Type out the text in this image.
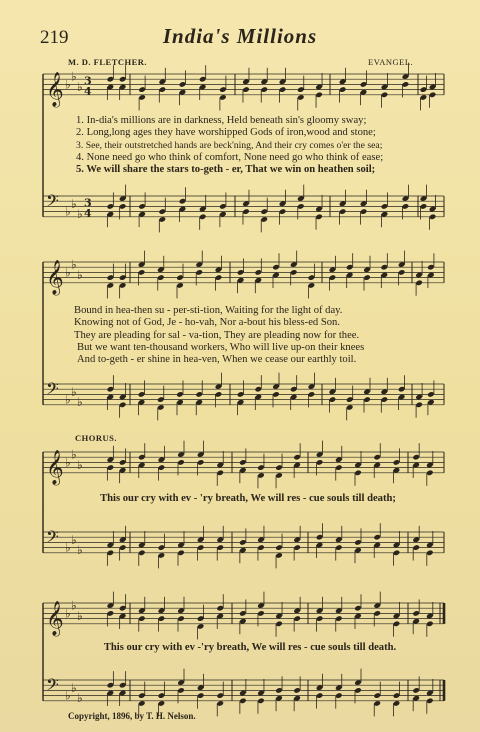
𝄞 ♭
♭
♭ 3
4
𝄢 ♭
♭
♭
3
4
𝄞 ♭
♭
♭
𝄢 ♭
♭
♭
𝄞 ♭
♭
♭
𝄢 ♭
♭
♭
𝄞 ♭
♭
♭
𝄢 ♭
♭
♭
219	India's Millions
M. D. FLETCHER.	EVANGEL.
1. In-dia's millions are in darkness, Held beneath sin's gloomy sway;
2. Long,long ages they have worshipped Gods of iron,wood and stone;
3. See, their outstretched hands are beck'ning, And their cry comes o'er the sea;
4. None need go who think of comfort, None need go who think of ease;
5. We will share the stars to-geth - er, That we win on heathen soil;
Bound in hea-then su - per-sti-tion, Waiting for the light of day.
Knowing not of God, Je - ho-vah, Nor a-bout his bless-ed Son.
They are pleading for sal - va-tion, They are pleading now for thee.
But we want ten-thousand workers, Who will live up-on their knees
And to-geth - er shine in hea-ven, When we cease our earthly toil.
CHORUS.
This our cry with ev - 'ry breath, We will res - cue souls till death;
This our cry with ev -'ry breath, We will res - cue souls till death.
Copyright, 1896, by T. H. Nelson.
